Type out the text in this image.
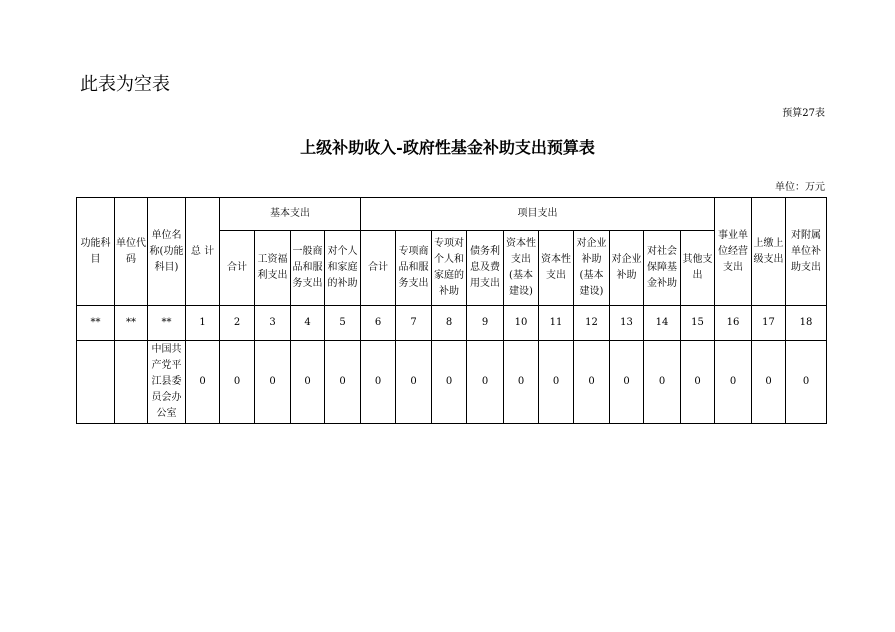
此表为空表
预算27表
上级补助收入-政府性基金补助支出预算表
单位：万元
功能科目	单位代码	单位名称(功能科目)	总 计	基本支出				项目支出										事业单位经营支出	上缴上级支出	对附属单位补助支出
				合计	工资福利支出	一般商品和服务支出	对个人和家庭的补助	合计	专项商品和服务支出	专项对个人和家庭的补助	债务利息及费用支出	资本性支出(基本建设)	资本性支出	对企业补助(基本建设)	对企业补助	对社会保障基金补助	其他支出			
**	**	**	1	2	3	4	5	6	7	8	9	10	11	12	13	14	15	16	17	18
		中国共产党平江县委员会办公室	0	0	0	0	0	0	0	0	0	0	0	0	0	0	0	0	0	0
